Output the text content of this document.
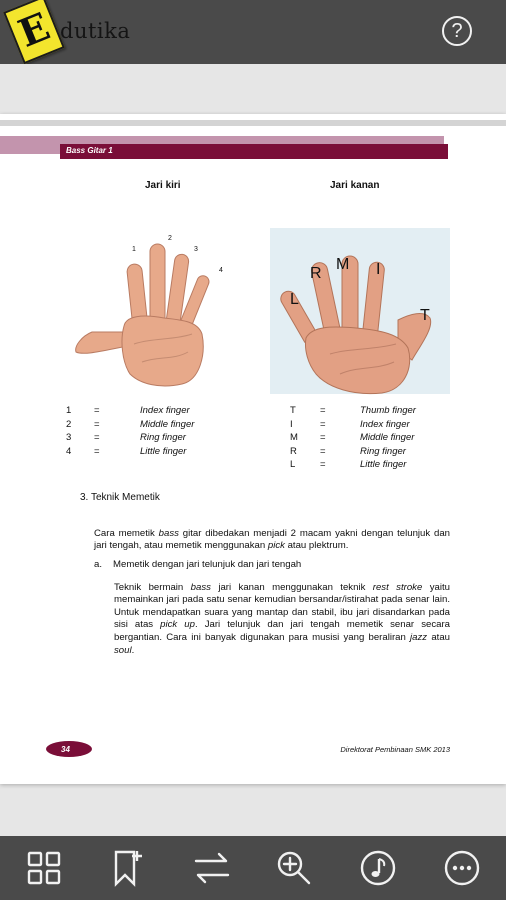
E dutika	?
Bass Gitar 1
Jari kiri	Jari kanan
1
2
3
4
L
R
M I
T
1	=	Index finger
2	=	Middle finger
3	=	Ring finger
4	=	Little finger
T	=	Thumb finger
I	=	Index finger
M	=	Middle finger
R	=	Ring finger
L	=	Little finger
3. Teknik Memetik

Cara memetik bass gitar dibedakan menjadi 2 macam yakni dengan telunjuk dan jari tengah, atau memetik menggunakan pick atau plektrum.

a. Memetik dengan jari telunjuk dan jari tengah

Teknik bermain bass jari kanan menggunakan teknik rest stroke yaitu memainkan jari pada satu senar kemudian bersandar/istirahat pada senar lain. Untuk mendapatkan suara yang mantap dan stabil, ibu jari disandarkan pada sisi atas pick up. Jari telunjuk dan jari tengah memetik senar secara bergantian. Cara ini banyak digunakan para musisi yang beraliran jazz atau soul.

34	Direktorat Pembinaan SMK 2013
